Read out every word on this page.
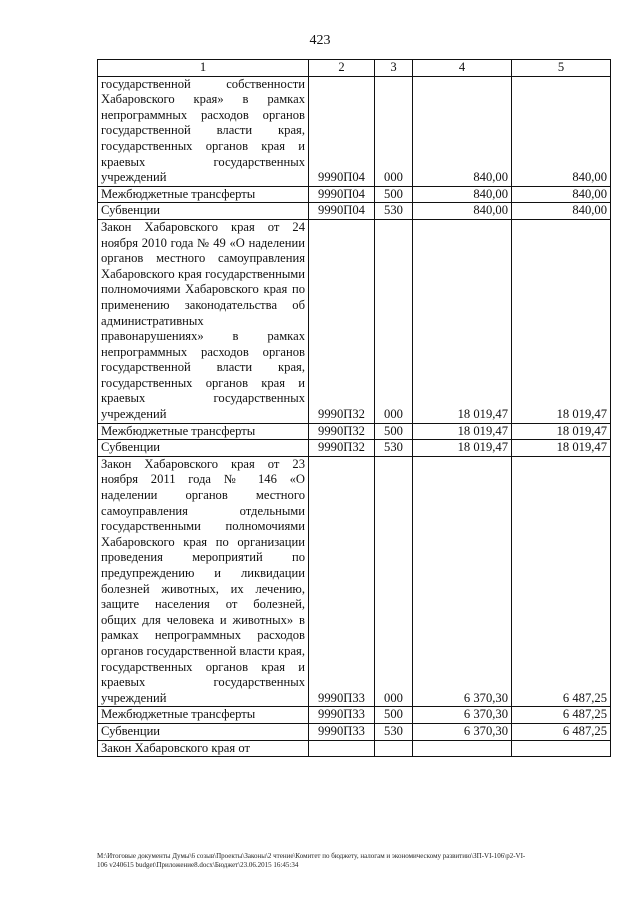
423
1	2	3	4	5
государственной собственности Хабаровского края» в рамках непрограммных расходов органов государственной власти края, государственных органов края и краевых государственных учреждений	9990П04	000	840,00	840,00
Межбюджетные трансферты	9990П04	500	840,00	840,00
Субвенции	9990П04	530	840,00	840,00
Закон Хабаровского края от 24 ноября 2010 года № 49 «О наделении органов местного самоуправления Хабаровского края государственными полномочиями Хабаровского края по применению законодательства об административных правонарушениях» в рамках непрограммных расходов органов государственной власти края, государственных органов края и краевых государственных учреждений	9990П32	000	18 019,47	18 019,47
Межбюджетные трансферты	9990П32	500	18 019,47	18 019,47
Субвенции	9990П32	530	18 019,47	18 019,47
Закон Хабаровского края от 23 ноября 2011 года № 146 «О наделении органов местного самоуправления отдельными государственными полномочиями Хабаровского края по организации проведения мероприятий по предупреждению и ликвидации болезней животных, их лечению, защите населения от болезней, общих для человека и животных» в рамках непрограммных расходов органов государственной власти края, государственных органов края и краевых государственных учреждений	9990П33	000	6 370,30	6 487,25
Межбюджетные трансферты	9990П33	500	6 370,30	6 487,25
Субвенции	9990П33	530	6 370,30	6 487,25
Закон Хабаровского края от				
M:\Итоговые документы Думы\6 созыв\Проекты\Законы\2 чтение\Комитет по бюджету, налогам и экономическому развитию\ЗП-VI-106\р2-VI-
106 v240615 budget\Приложение8.docx\Бюджет\23.06.2015 16:45:34
